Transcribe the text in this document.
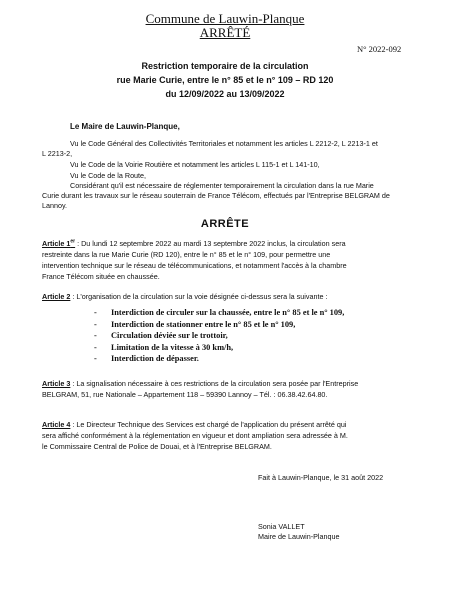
Commune de Lauwin-Planque
ARRÊTÉ
N° 2022-092
Restriction temporaire de la circulation
rue Marie Curie, entre le n° 85 et le n° 109 – RD 120
du 12/09/2022 au 13/09/2022
Le Maire de Lauwin-Planque,
Vu le Code Général des Collectivités Territoriales et notamment les articles L 2212-2, L 2213-1 et
L 2213-2,
Vu le Code de la Voirie Routière et notamment les articles L 115-1 et L 141-10,
Vu le Code de la Route,
Considérant qu'il est nécessaire de réglementer temporairement la circulation dans la rue Marie
Curie durant les travaux sur le réseau souterrain de France Télécom, effectués par l'Entreprise BELGRAM de
Lannoy.
ARRÊTE
Article 1er : Du lundi 12 septembre 2022 au mardi 13 septembre 2022 inclus, la circulation sera
restreinte dans la rue Marie Curie (RD 120), entre le n° 85 et le n° 109, pour permettre une
intervention technique sur le réseau de télécommunications, et notamment l'accès à la chambre
France Télécom située en chaussée.
Article 2 : L'organisation de la circulation sur la voie désignée ci-dessus sera la suivante :
- Interdiction de circuler sur la chaussée, entre le n° 85 et le n° 109,
- Interdiction de stationner entre le n° 85 et le n° 109,
- Circulation déviée sur le trottoir,
- Limitation de la vitesse à 30 km/h,
- Interdiction de dépasser.
Article 3 : La signalisation nécessaire à ces restrictions de la circulation sera posée par l'Entreprise
BELGRAM, 51, rue Nationale – Appartement 118 – 59390 Lannoy – Tél. : 06.38.42.64.80.
Article 4 : Le Directeur Technique des Services est chargé de l'application du présent arrêté qui
sera affiché conformément à la réglementation en vigueur et dont ampliation sera adressée à M.
le Commissaire Central de Police de Douai, et à l'Entreprise BELGRAM.
Fait à Lauwin-Planque, le 31 août 2022
Sonia VALLET
Maire de Lauwin-Planque
